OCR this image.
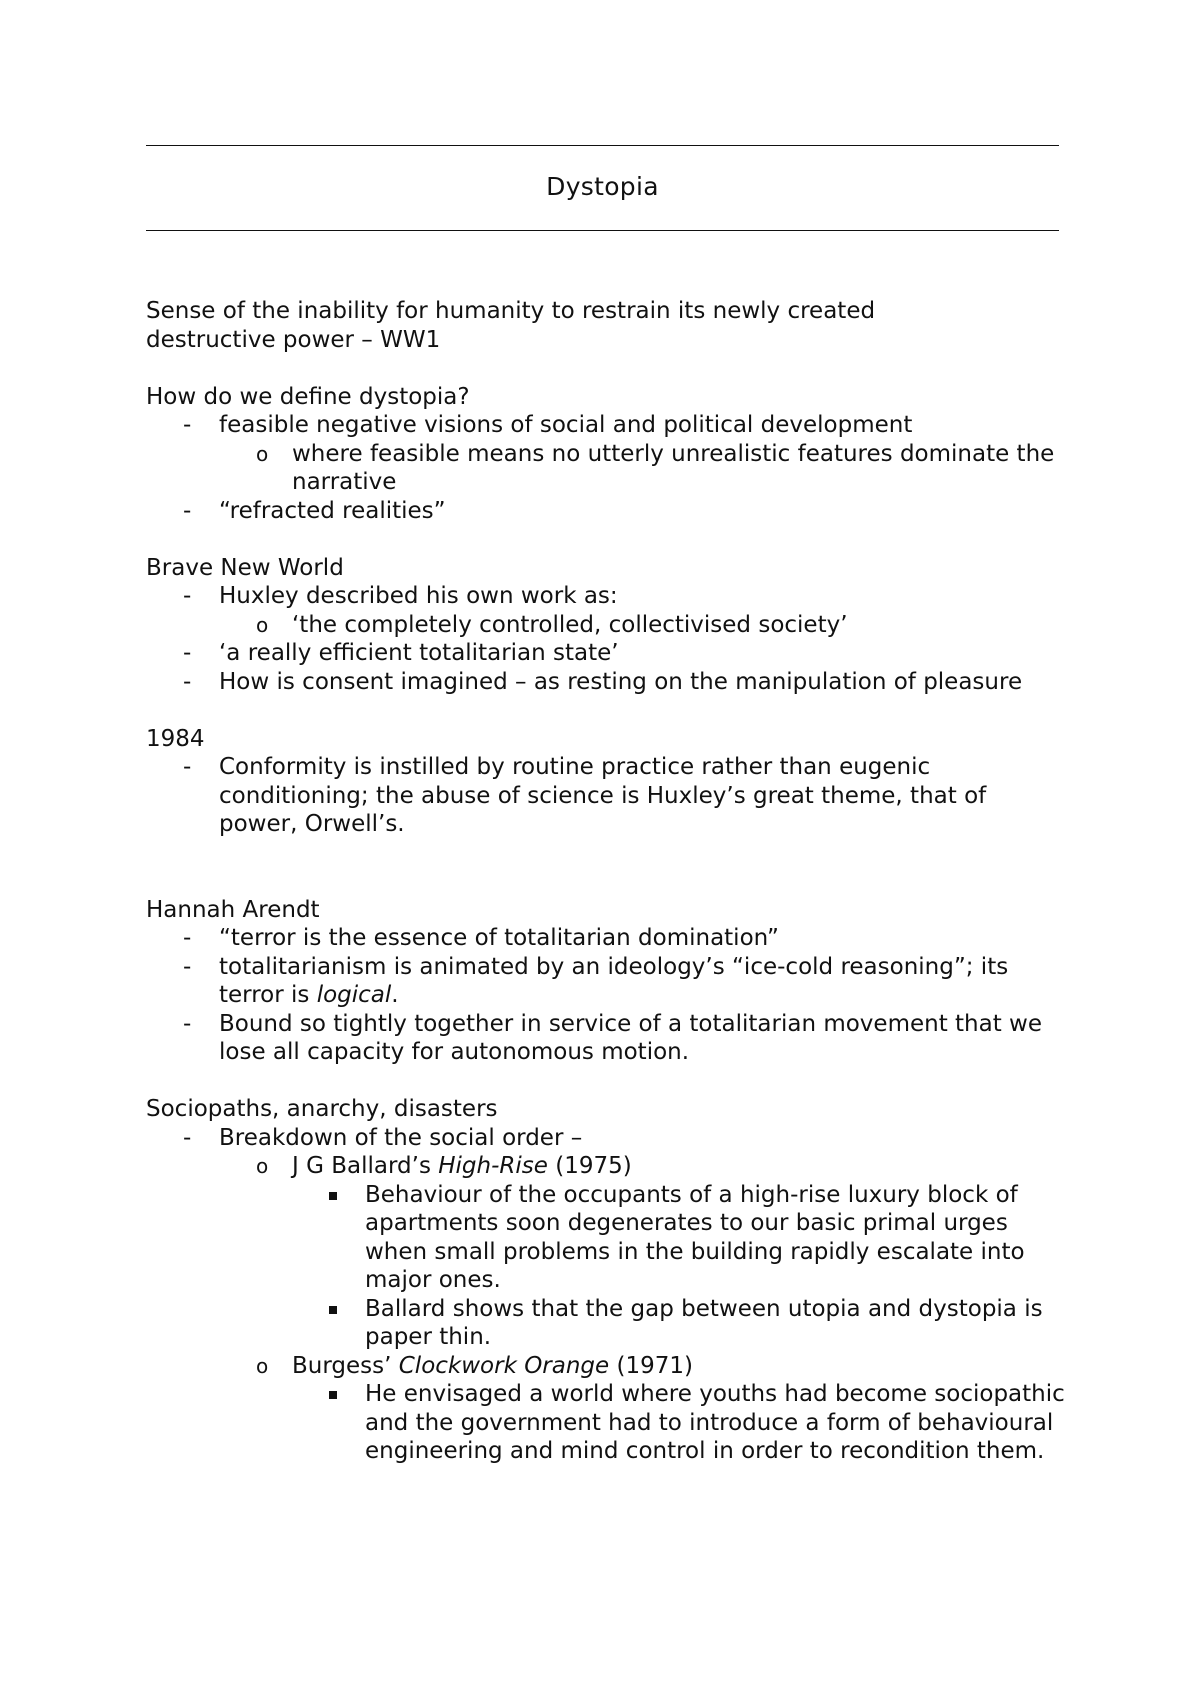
Dystopia

Sense of the inability for humanity to restrain its newly created

destructive power – WW1

How do we define dystopia?

- feasible negative visions of social and political development
o where feasible means no utterly unrealistic features dominate the narrative
- “refracted realities”

Brave New World

- Huxley described his own work as:
o ‘the completely controlled, collectivised society’
- ‘a really efficient totalitarian state’
- How is consent imagined – as resting on the manipulation of pleasure

1984

- Conformity is instilled by routine practice rather than eugenic conditioning; the abuse of science is Huxley’s great theme, that of power, Orwell’s.

Hannah Arendt

- “terror is the essence of totalitarian domination”
- totalitarianism is animated by an ideology’s “ice-cold reasoning”; its terror is logical.
- Bound so tightly together in service of a totalitarian movement that we lose all capacity for autonomous motion.

Sociopaths, anarchy, disasters

- Breakdown of the social order –
o J G Ballard’s High-Rise (1975)
Behaviour of the occupants of a high-rise luxury block of apartments soon degenerates to our basic primal urges when small problems in the building rapidly escalate into major ones.
Ballard shows that the gap between utopia and dystopia is paper thin.
o Burgess’ Clockwork Orange (1971)
He envisaged a world where youths had become sociopathic and the government had to introduce a form of behavioural engineering and mind control in order to recondition them.
